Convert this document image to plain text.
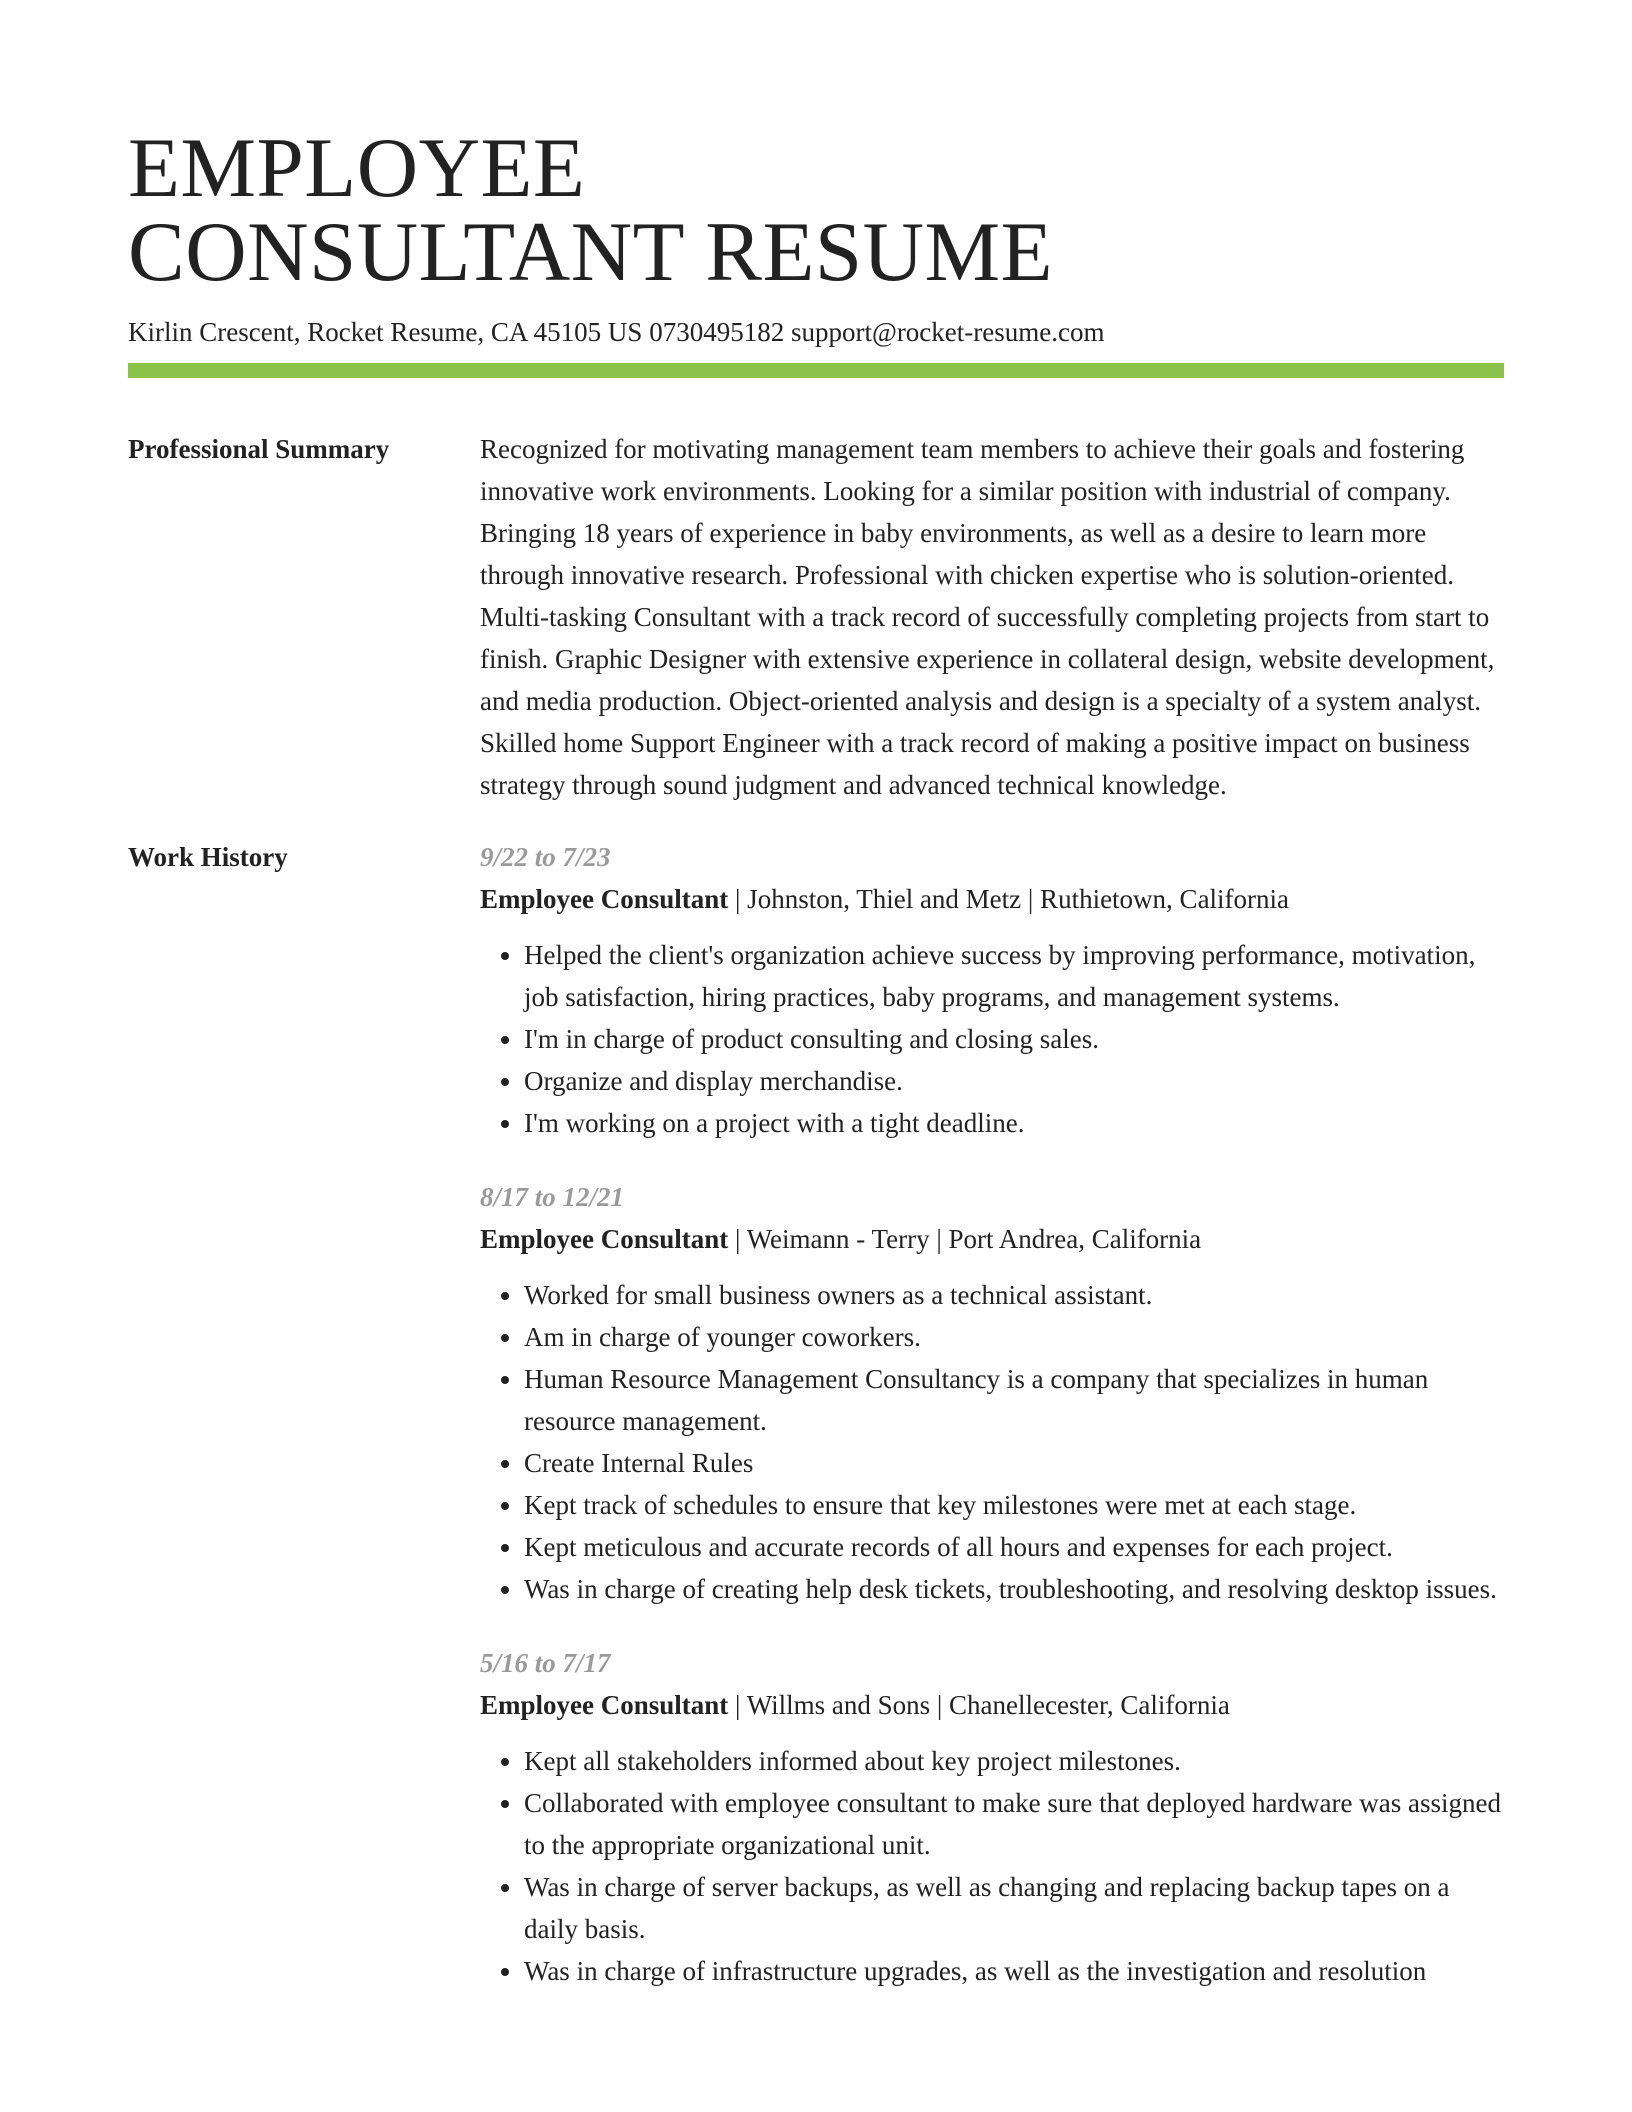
EMPLOYEE
CONSULTANT RESUME
Kirlin Crescent, Rocket Resume, CA 45105 US 0730495182 support@rocket-resume.com
Professional Summary	Recognized for motivating management team members to achieve their goals and fostering innovative work environments. Looking for a similar position with industrial of company. Bringing 18 years of experience in baby environments, as well as a desire to learn more through innovative research. Professional with chicken expertise who is solution-oriented. Multi-tasking Consultant with a track record of successfully completing projects from start to finish. Graphic Designer with extensive experience in collateral design, website development, and media production. Object-oriented analysis and design is a specialty of a system analyst. Skilled home Support Engineer with a track record of making a positive impact on business strategy through sound judgment and advanced technical knowledge.

Work History	9/22 to 7/23
Employee Consultant | Johnston, Thiel and Metz | Ruthietown, California
• Helped the client's organization achieve success by improving performance, motivation, job satisfaction, hiring practices, baby programs, and management systems.
• I'm in charge of product consulting and closing sales.
• Organize and display merchandise.
• I'm working on a project with a tight deadline.
8/17 to 12/21
Employee Consultant | Weimann - Terry | Port Andrea, California
• Worked for small business owners as a technical assistant.
• Am in charge of younger coworkers.
• Human Resource Management Consultancy is a company that specializes in human resource management.
• Create Internal Rules
• Kept track of schedules to ensure that key milestones were met at each stage.
• Kept meticulous and accurate records of all hours and expenses for each project.
• Was in charge of creating help desk tickets, troubleshooting, and resolving desktop issues.
5/16 to 7/17
Employee Consultant | Willms and Sons | Chanellecester, California
• Kept all stakeholders informed about key project milestones.
• Collaborated with employee consultant to make sure that deployed hardware was assigned to the appropriate organizational unit.
• Was in charge of server backups, as well as changing and replacing backup tapes on a daily basis.
• Was in charge of infrastructure upgrades, as well as the investigation and resolution
